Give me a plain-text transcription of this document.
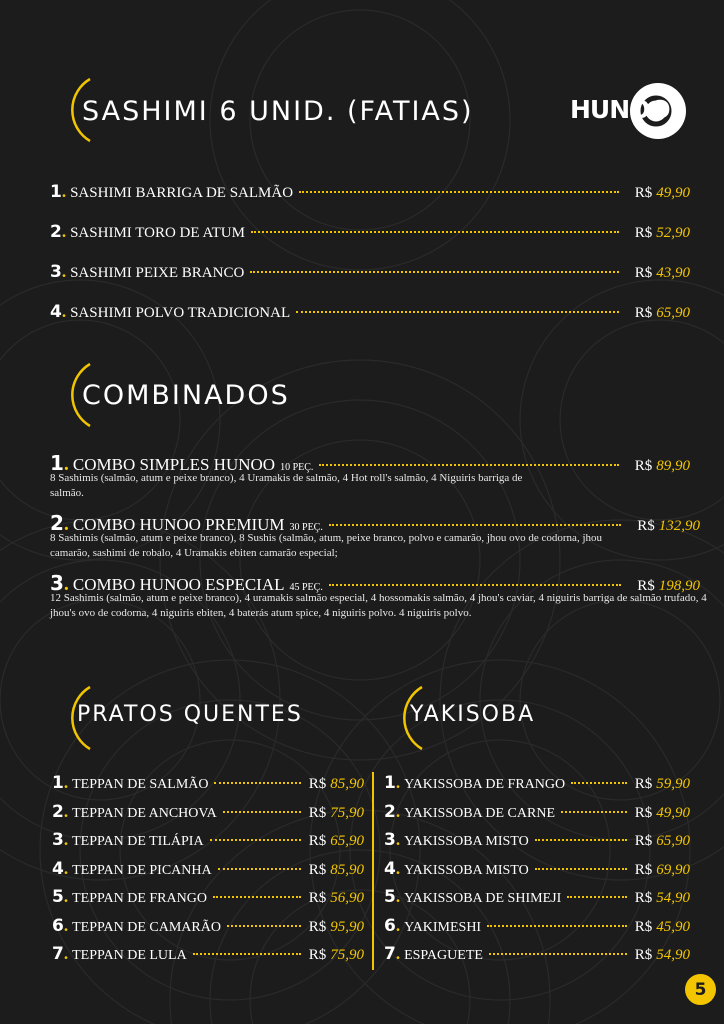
SASHIMI 6 UNID. (FATIAS)	HUNOO
1 . SASHIMI BARRIGA DE SALMÃO	R$ 49,90
2 . SASHIMI TORO DE ATUM	R$ 52,90
3 . SASHIMI PEIXE BRANCO	R$ 43,90
4 . SASHIMI POLVO TRADICIONAL	R$ 65,90
COMBINADOS
1 . COMBO SIMPLES HUNOO 10 PEÇ.	R$ 89,90
8 Sashimis (salmão, atum e peixe branco), 4 Uramakis de salmão, 4 Hot roll's salmão, 4 Niguiris barriga de salmão.
2 . COMBO HUNOO PREMIUM 30 PEÇ.	R$ 132,90
8 Sashimis (salmão, atum e peixe branco), 8 Sushis (salmão, atum, peixe branco, polvo e camarão, jhou ovo de codorna, jhou camarão, sashimi de robalo, 4 Uramakis ebiten camarão especial;
3 . COMBO HUNOO ESPECIAL 45 PEÇ.	R$ 198,90
12 Sashimis (salmão, atum e peixe branco), 4 uramakis salmão especial, 4 hossomakis salmão, 4 jhou's caviar, 4 niguiris barriga de salmão trufado, 4 jhou's ovo de codorna, 4 niguiris ebiten, 4 baterás atum spice, 4 niguiris polvo. 4 niguiris polvo.
PRATOS QUENTES	YAKISOBA
1 . TEPPAN DE SALMÃO	R$ 85,90
2 . TEPPAN DE ANCHOVA	R$ 75,90
3 . TEPPAN DE TILÁPIA	R$ 65,90
4 . TEPPAN DE PICANHA	R$ 85,90
5 . TEPPAN DE FRANGO	R$ 56,90
6 . TEPPAN DE CAMARÃO	R$ 95,90
7 . TEPPAN DE LULA	R$ 75,90
1 . YAKISSOBA DE FRANGO	R$ 59,90
2 . YAKISSOBA DE CARNE	R$ 49,90
3 . YAKISSOBA MISTO	R$ 65,90
4 . YAKISSOBA MISTO	R$ 69,90
5 . YAKISSOBA DE SHIMEJI	R$ 54,90
6 . YAKIMESHI	R$ 45,90
7 . ESPAGUETE	R$ 54,90
5
